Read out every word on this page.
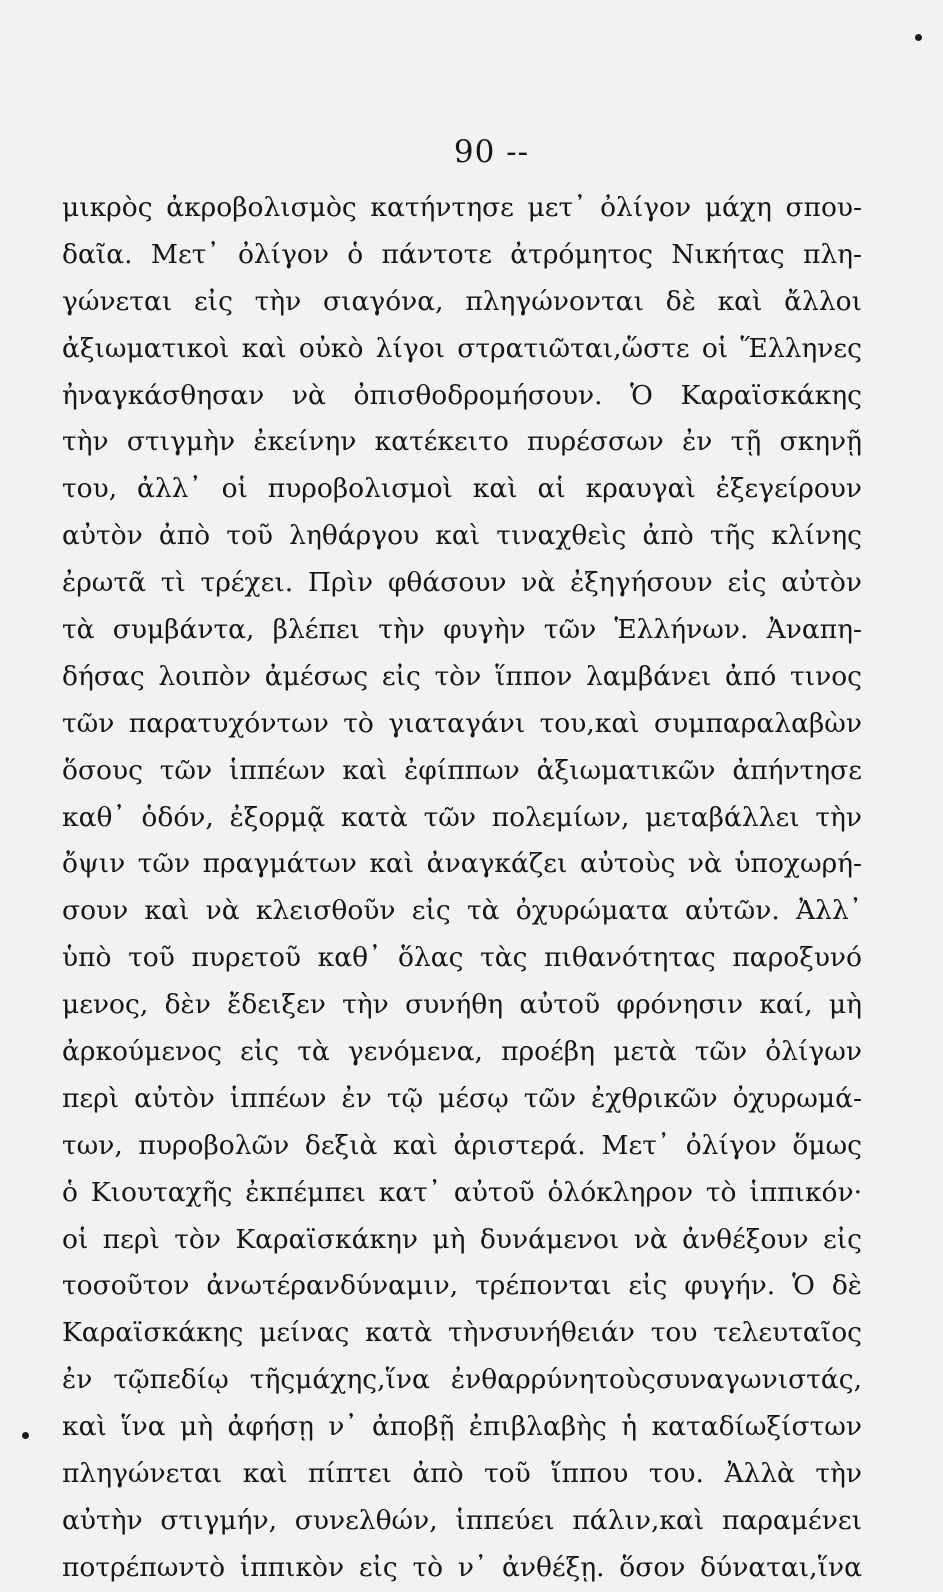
90 --
μικρὸς ἀκροβολισμὸς κατήντησε μετ᾽ ὀλίγον μάχη σπου-
δαῖα. Μετ᾽ ὀλίγον ὁ πάντοτε ἀτρόμητος Νικήτας πλη-
γώνεται εἰς τὴν σιαγόνα, πληγώνονται δὲ καὶ ἄλλοι
ἀξιωματικοὶ καὶ οὐκὸ λίγοι στρατιῶται,ὥστε οἱ Ἕλληνες
ἠναγκάσθησαν νὰ ὀπισθοδρομήσουν. Ὁ Καραϊσκάκης
τὴν στιγμὴν ἐκείνην κατέκειτο πυρέσσων ἐν τῇ σκηνῇ
του, ἀλλ᾽ οἱ πυροβολισμοὶ καὶ αἱ κραυγαὶ ἐξεγείρουν
αὐτὸν ἀπὸ τοῦ ληθάργου καὶ τιναχθεὶς ἀπὸ τῆς κλίνης
ἐρωτᾶ τὶ τρέχει. Πρὶν φθάσουν νὰ ἐξηγήσουν εἰς αὐτὸν
τὰ συμβάντα, βλέπει τὴν φυγὴν τῶν Ἑλλήνων. Ἀναπη-
δήσας λοιπὸν ἀμέσως εἰς τὸν ἵππον λαμβάνει ἀπό τινος
τῶν παρατυχόντων τὸ γιαταγάνι του,καὶ συμπαραλαβὼν
ὅσους τῶν ἱππέων καὶ ἐφίππων ἀξιωματικῶν ἀπήντησε
καθ᾽ ὁδόν, ἐξορμᾷ κατὰ τῶν πολεμίων, μεταβάλλει τὴν
ὄψιν τῶν πραγμάτων καὶ ἀναγκάζει αὐτοὺς νὰ ὑποχωρή-
σουν καὶ νὰ κλεισθοῦν εἰς τὰ ὀχυρώματα αὐτῶν. Ἀλλ᾽
ὑπὸ τοῦ πυρετοῦ καθ᾽ ὅλας τὰς πιθανότητας παροξυνό
μενος, δὲν ἔδειξεν τὴν συνήθη αὐτοῦ φρόνησιν καί, μὴ
ἀρκούμενος εἰς τὰ γενόμενα, προέβη μετὰ τῶν ὀλίγων
περὶ αὐτὸν ἱππέων ἐν τῷ μέσῳ τῶν ἐχθρικῶν ὀχυρωμά-
των, πυροβολῶν δεξιὰ καὶ ἀριστερά. Μετ᾽ ὀλίγον ὅμως
ὁ Κιουταχῆς ἐκπέμπει κατ᾽ αὐτοῦ ὁλόκληρον τὸ ἱππικόν·
οἱ περὶ τὸν Καραϊσκάκην μὴ δυνάμενοι νὰ ἀνθέξουν εἰς
τοσοῦτον ἀνωτέρανδύναμιν, τρέπονται εἰς φυγήν. Ὁ δὲ
Καραϊσκάκης μείνας κατὰ τὴνσυνήθειάν του τελευταῖος
ἐν τῷπεδίῳ τῆςμάχης,ἵνα ἐνθαρρύνητοὺςσυναγωνιστάς,
καὶ ἵνα μὴ ἀφήσῃ ν᾽ ἀποβῇ ἐπιβλαβὴς ἡ καταδίωξίστων
πληγώνεται καὶ πίπτει ἀπὸ τοῦ ἵππου του. Ἀλλὰ τὴν
αὐτὴν στιγμήν, συνελθών, ἱππεύει πάλιν,καὶ παραμένει
ποτρέπωντὸ ἱππικὸν εἰς τὸ ν᾽ ἀνθέξῃ. ὅσον δύναται,ἵνα
